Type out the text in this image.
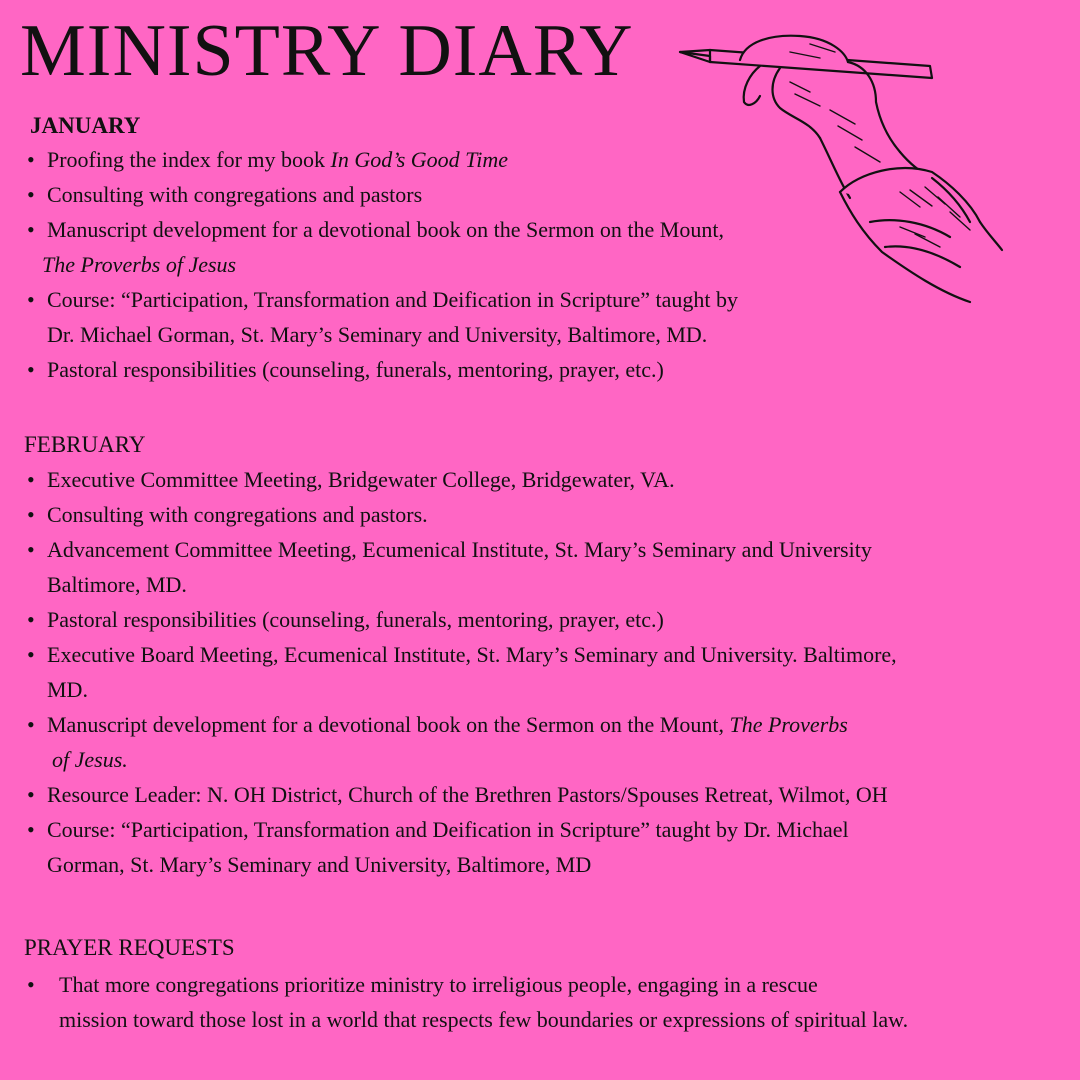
MINISTRY DIARY
JANUARY
• Proofing the index for my book In God’s Good Time
• Consulting with congregations and pastors
• Manuscript development for a devotional book on the Sermon on the Mount,
The Proverbs of Jesus
• Course: “Participation, Transformation and Deification in Scripture” taught by
Dr. Michael Gorman, St. Mary’s Seminary and University, Baltimore, MD.
• Pastoral responsibilities (counseling, funerals, mentoring, prayer, etc.)
FEBRUARY
• Executive Committee Meeting, Bridgewater College, Bridgewater, VA.
• Consulting with congregations and pastors.
• Advancement Committee Meeting, Ecumenical Institute, St. Mary’s Seminary and University
Baltimore, MD.
• Pastoral responsibilities (counseling, funerals, mentoring, prayer, etc.)
• Executive Board Meeting, Ecumenical Institute, St. Mary’s Seminary and University. Baltimore,
MD.
• Manuscript development for a devotional book on the Sermon on the Mount, The Proverbs
of Jesus.
• Resource Leader: N. OH District, Church of the Brethren Pastors/Spouses Retreat, Wilmot, OH
• Course: “Participation, Transformation and Deification in Scripture” taught by Dr. Michael
Gorman, St. Mary’s Seminary and University, Baltimore, MD
PRAYER REQUESTS
• That more congregations prioritize ministry to irreligious people, engaging in a rescue
mission toward those lost in a world that respects few boundaries or expressions of spiritual law.
